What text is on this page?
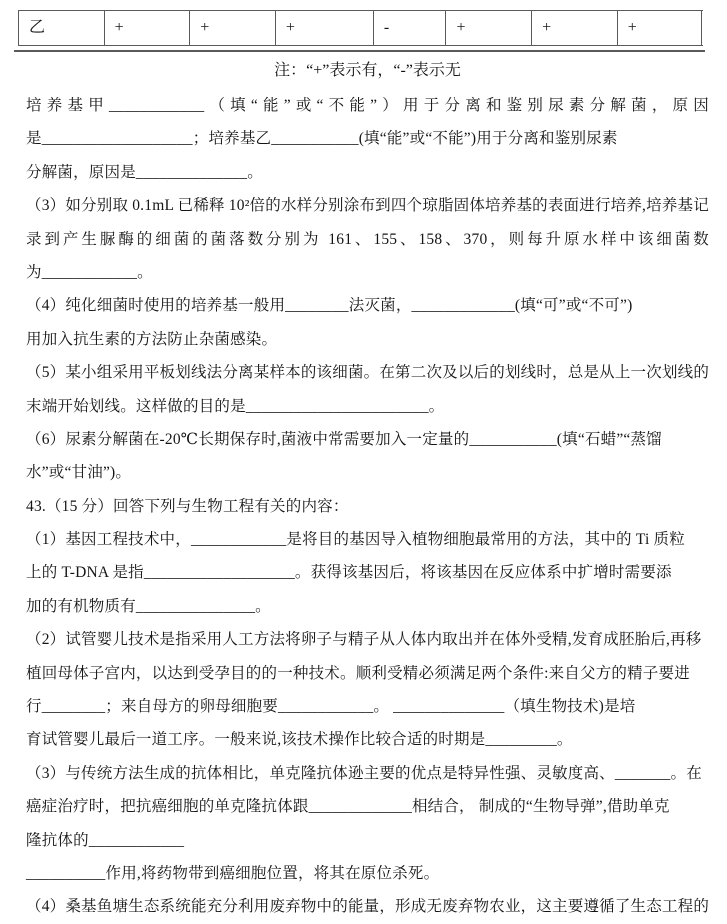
乙	+	+	+	-	+	+	+
注：“+”表示有，“-”表示无
培养基甲____________（填“能”或“不能”）用于分离和鉴别尿素分解菌，原因
是___________________；培养基乙___________(填“能”或“不能”)用于分离和鉴别尿素
分解菌，原因是______________。
（3）如分别取 0.1mL 已稀释 10²倍的水样分别涂布到四个琼脂固体培养基的表面进行培养,培养基记
录到产生脲酶的细菌的菌落数分别为 161、155、158、370，则每升原水样中该细菌数
为____________。
（4）纯化细菌时使用的培养基一般用________法灭菌，_____________(填“可”或“不可”)
用加入抗生素的方法防止杂菌感染。
（5）某小组采用平板划线法分离某样本的该细菌。在第二次及以后的划线时，总是从上一次划线的
末端开始划线。这样做的目的是_______________________。
（6）尿素分解菌在-20℃长期保存时,菌液中常需要加入一定量的___________(填“石蜡”“蒸馏
水”或“甘油”)。
43.（15 分）回答下列与生物工程有关的内容：
（1）基因工程技术中，____________是将目的基因导入植物细胞最常用的方法，其中的 Ti 质粒
上的 T-DNA 是指___________________。获得该基因后，将该基因在反应体系中扩增时需要添
加的有机物质有_______________。
（2）试管婴儿技术是指采用人工方法将卵子与精子从人体内取出并在体外受精,发育成胚胎后,再移
植回母体子宫内，以达到受孕目的的一种技术。顺利受精必须满足两个条件:来自父方的精子要进
行________；来自母方的卵母细胞要____________。 ______________（填生物技术)是培
育试管婴儿最后一道工序。一般来说,该技术操作比较合适的时期是_________。
（3）与传统方法生成的抗体相比，单克隆抗体逊主要的优点是特异性强、灵敏度高、_______。在
癌症治疗时，把抗癌细胞的单克隆抗体跟_____________相结合， 制成的“生物导弹”,借助单克
隆抗体的____________
__________作用,将药物带到癌细胞位置，将其在原位杀死。
（4）桑基鱼塘生态系统能充分利用废弃物中的能量，形成无废弃物农业，这主要遵循了生态工程的
